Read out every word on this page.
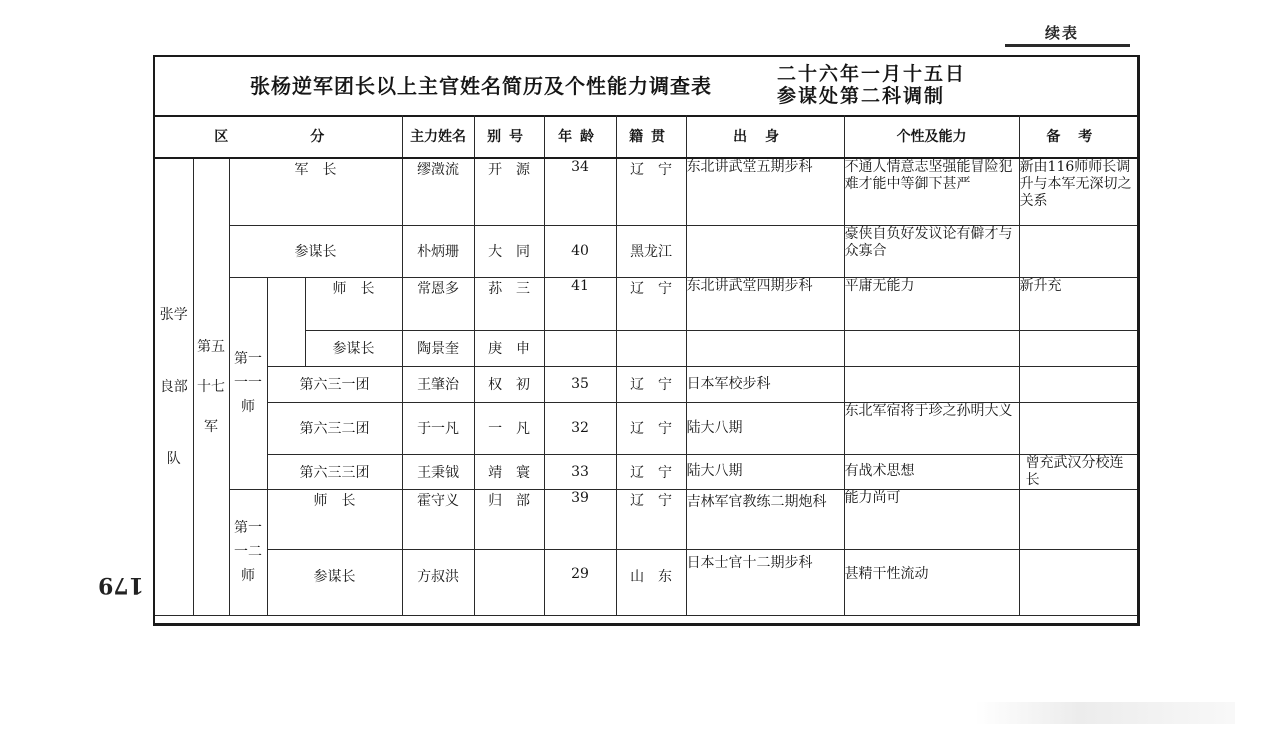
续表
179
张杨逆军团长以上主官姓名简历及个性能力调查表	二十六年一月十五日
参谋处第二科调制
区　　分					主力姓名	别号	年龄	籍贯	出身	个性及能力	备考
张学良部队	第五十七军	军　长			缪澂流	开　源	34	辽　宁	东北讲武堂五期步科	不通人情意志坚强能冒险犯难才能中等御下甚严	新由116师师长调升与本军无深切之关系
		参谋长			朴炳珊	大　同	40	黑龙江		豪侠自负好发议论有僻才与众寡合	
		第一一一师		师　长	常恩多	荪　三	41	辽　宁	东北讲武堂四期步科	平庸无能力	新升充
				参谋长	陶景奎	庚　申					
			第六三一团		王肇治	权　初	35	辽　宁	日本军校步科		
			第六三二团		于一凡	一　凡	32	辽　宁	陆大八期	东北军宿将于珍之孙明大义	
			第六三三团		王秉钺	靖　寰	33	辽　宁	陆大八期	有战术思想	曾充武汉分校连长
		第一一二师	师　长		霍守义	归　部	39	辽　宁	吉林军官教练二期炮科	能力尚可	
			参谋长		方叔洪		29	山　东	日本士官十二期步科	甚精干性流动	
